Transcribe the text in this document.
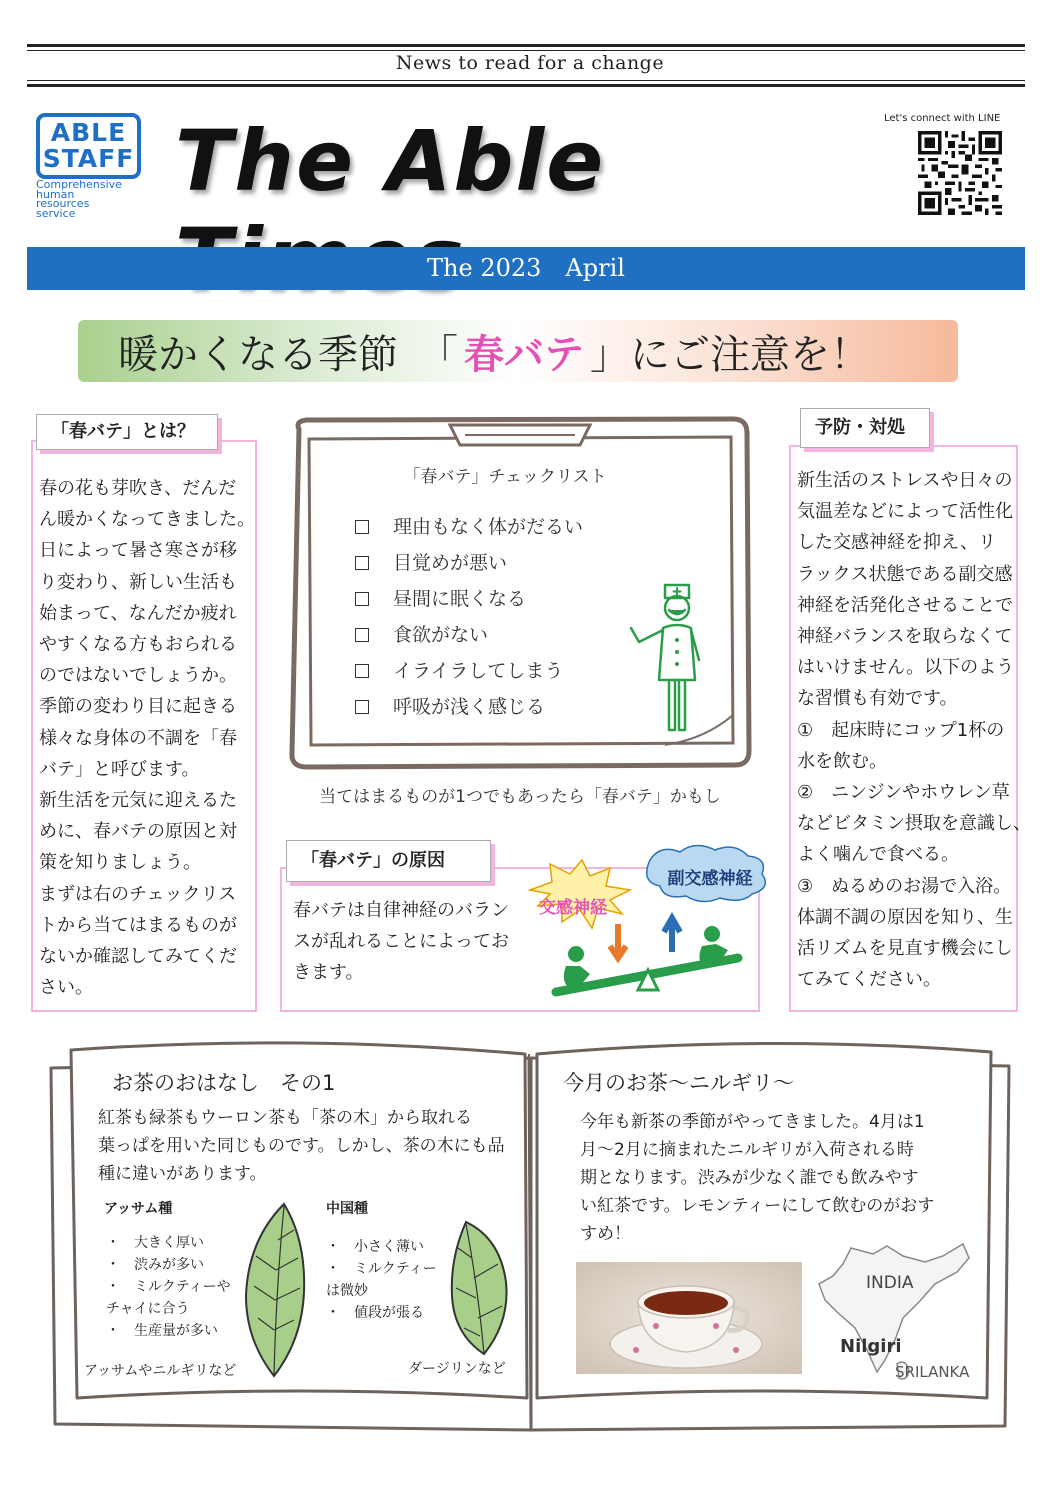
News to read for a change
ABLE
STAFF
Comprehensive
human
resources
service
The Able	Let's connect with LINE
The 2023　April
暖かくなる季節　「 春バテ 」にご注意を！
「春バテ」とは？
春の花も芽吹き、だんだ
ん暖かくなってきました。
日によって暑さ寒さが移
り変わり、新しい生活も
始まって、なんだか疲れ
やすくなる方もおられる
のではないでしょうか。
季節の変わり目に起きる
様々な身体の不調を「春
バテ」と呼びます。
新生活を元気に迎えるた
めに、春バテの原因と対
策を知りましょう。
まずは右のチェックリス
トから当てはまるものが
ないか確認してみてくだ
さい。
「春バテ」チェックリスト
理由もなく体がだるい
目覚めが悪い
昼間に眠くなる
食欲がない
イライラしてしまう
呼吸が浅く感じる
当てはまるものが1つでもあったら「春バテ」かもし
「春バテ」の原因
春バテは自律神経のバラン
スが乱れることによってお
きます。
交感神経
副交感神経
予防・対処
新生活のストレスや日々の
気温差などによって活性化
した交感神経を抑え、リ
ラックス状態である副交感
神経を活発化させることで
神経バランスを取らなくて
はいけません。以下のよう
な習慣も有効です。
①　起床時にコップ1杯の
水を飲む。
②　ニンジンやホウレン草
などビタミン摂取を意識し、
よく噛んで食べる。
③　ぬるめのお湯で入浴。
体調不調の原因を知り、生
活リズムを見直す機会にし
てみてください。
お茶のおはなし　その1
紅茶も緑茶もウーロン茶も「茶の木」から取れる
葉っぱを用いた同じものです。しかし、茶の木にも品
種に違いがあります。
アッサム種
・　大きく厚い
・　渋みが多い
・　ミルクティーや
チャイに合う
・　生産量が多い
アッサムやニルギリなど
中国種
・　小さく薄い
・　ミルクティー
は微妙
・　値段が張る
ダージリンなど
今月のお茶～ニルギリ～
今年も新茶の季節がやってきました。4月は1
月～2月に摘まれたニルギリが入荷される時
期となります。渋みが少なく誰でも飲みやす
い紅茶です。レモンティーにして飲むのがおす
すめ！
INDIA
Nilgiri
SRILANKA
